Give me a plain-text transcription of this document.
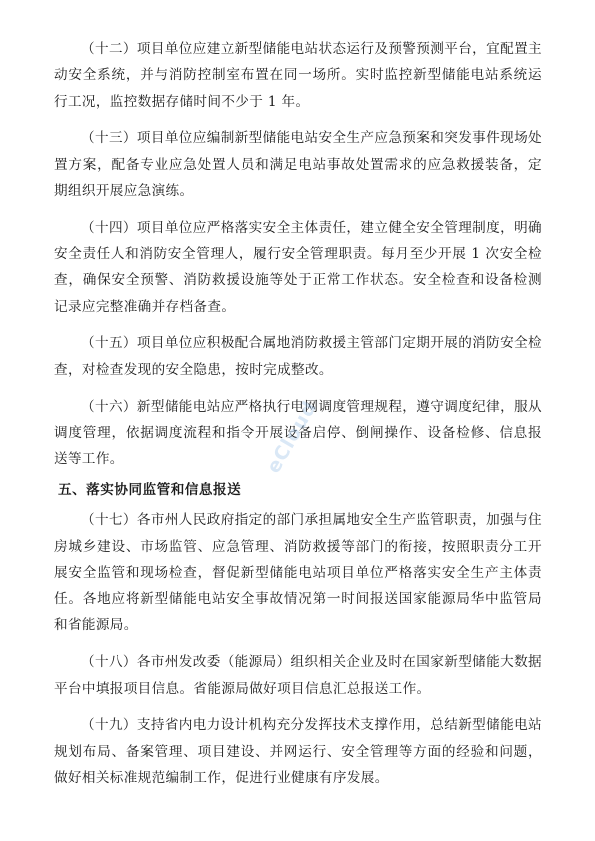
（十二）项目单位应建立新型储能电站状态运行及预警预测平台，宜配置主动安全系统，并与消防控制室布置在同一场所。实时监控新型储能电站系统运行工况，监控数据存储时间不少于 1 年。

（十三）项目单位应编制新型储能电站安全生产应急预案和突发事件现场处置方案，配备专业应急处置人员和满足电站事故处置需求的应急救援装备，定期组织开展应急演练。

（十四）项目单位应严格落实安全主体责任，建立健全安全管理制度，明确安全责任人和消防安全管理人，履行安全管理职责。每月至少开展 1 次安全检查，确保安全预警、消防救援设施等处于正常工作状态。安全检查和设备检测记录应完整准确并存档备查。

（十五）项目单位应积极配合属地消防救援主管部门定期开展的消防安全检查，对检查发现的安全隐患，按时完成整改。

（十六）新型储能电站应严格执行电网调度管理规程，遵守调度纪律，服从调度管理，依据调度流程和指令开展设备启停、倒闸操作、设备检修、信息报送等工作。

五、落实协同监管和信息报送

（十七）各市州人民政府指定的部门承担属地安全生产监管职责，加强与住房城乡建设、市场监管、应急管理、消防救援等部门的衔接，按照职责分工开展安全监管和现场检查，督促新型储能电站项目单位严格落实安全生产主体责任。各地应将新型储能电站安全事故情况第一时间报送国家能源局华中监管局和省能源局。

（十八）各市州发改委（能源局）组织相关企业及时在国家新型储能大数据平台中填报项目信息。省能源局做好项目信息汇总报送工作。

（十九）支持省内电力设计机构充分发挥技术支撑作用，总结新型储能电站规划布局、备案管理、项目建设、并网运行、安全管理等方面的经验和问题，做好相关标准规范编制工作，促进行业健康有序发展。

eCloud
